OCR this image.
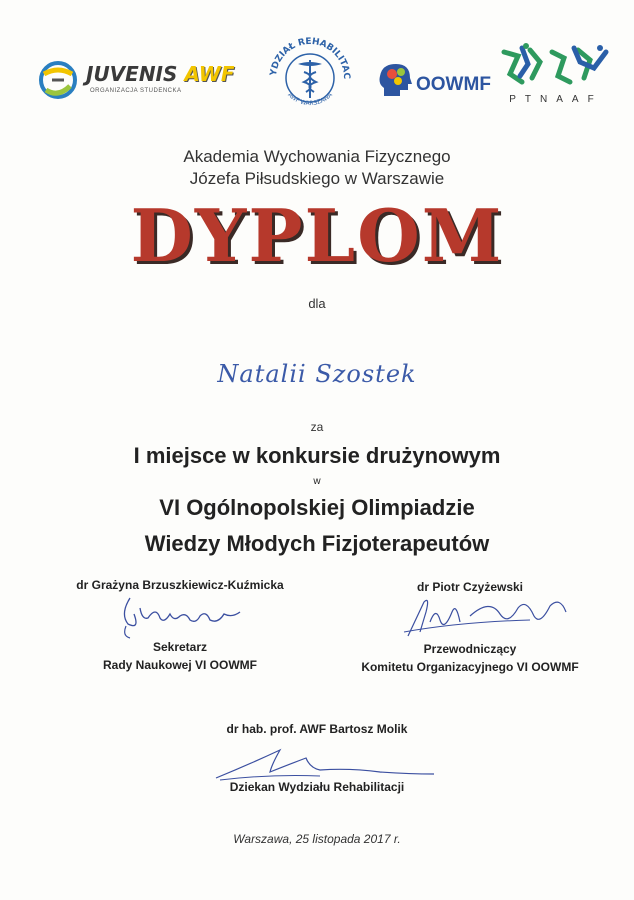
JUVENIS AWF
ORGANIZACJA STUDENCKA
YDZIAŁ REHABILITAC
AWF WARSZAWA
OOWMF
PTNAAF
Akademia Wychowania Fizycznego
Józefa Piłsudskiego w Warszawie
DYPLOM
dla
Natalii Szostek
za
I miejsce w konkursie drużynowym
w
VI Ogólnopolskiej Olimpiadzie
Wiedzy Młodych Fizjoterapeutów
dr Grażyna Brzuszkiewicz-Kuźmicka
Sekretarz
Rady Naukowej VI OOWMF
dr Piotr Czyżewski
Przewodniczący
Komitetu Organizacyjnego VI OOWMF
dr hab. prof. AWF Bartosz Molik
Dziekan Wydziału Rehabilitacji
Warszawa, 25 listopada 2017 r.
